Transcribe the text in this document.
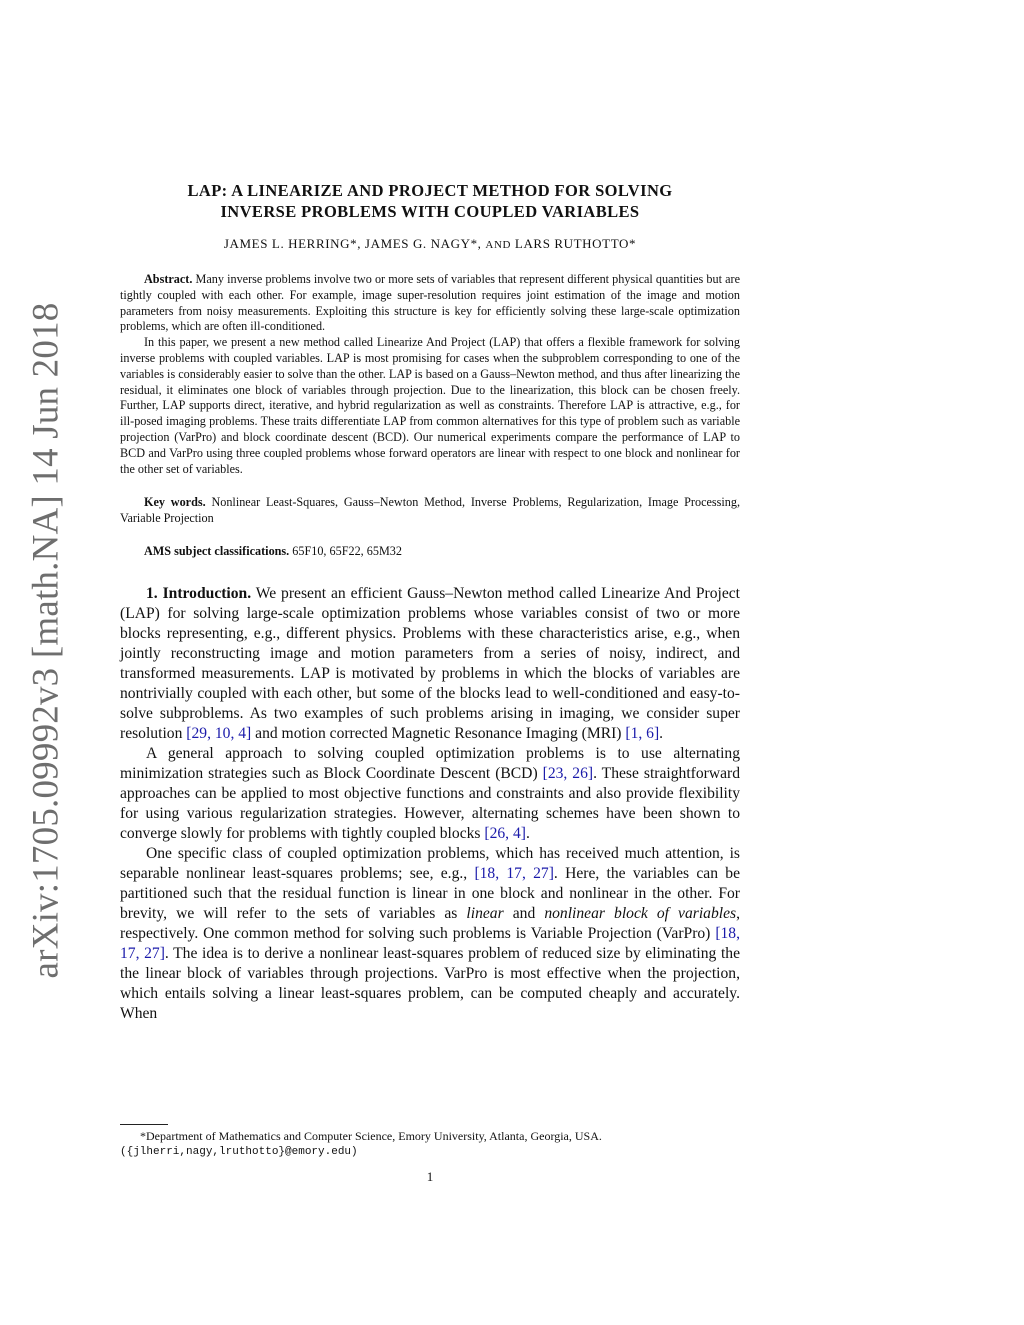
arXiv:1705.09992v3 [math.NA] 14 Jun 2018
LAP: A LINEARIZE AND PROJECT METHOD FOR SOLVING
INVERSE PROBLEMS WITH COUPLED VARIABLES
JAMES L. HERRING*, JAMES G. NAGY*, AND LARS RUTHOTTO*

Abstract. Many inverse problems involve two or more sets of variables that represent different physical quantities but are tightly coupled with each other. For example, image super-resolution requires joint estimation of the image and motion parameters from noisy measurements. Exploiting this structure is key for efficiently solving these large-scale optimization problems, which are often ill-conditioned.

In this paper, we present a new method called Linearize And Project (LAP) that offers a flexible framework for solving inverse problems with coupled variables. LAP is most promising for cases when the subproblem corresponding to one of the variables is considerably easier to solve than the other. LAP is based on a Gauss–Newton method, and thus after linearizing the residual, it eliminates one block of variables through projection. Due to the linearization, this block can be chosen freely. Further, LAP supports direct, iterative, and hybrid regularization as well as constraints. Therefore LAP is attractive, e.g., for ill-posed imaging problems. These traits differentiate LAP from common alternatives for this type of problem such as variable projection (VarPro) and block coordinate descent (BCD). Our numerical experiments compare the performance of LAP to BCD and VarPro using three coupled problems whose forward operators are linear with respect to one block and nonlinear for the other set of variables.

Key words. Nonlinear Least-Squares, Gauss–Newton Method, Inverse Problems, Regularization, Image Processing, Variable Projection
AMS subject classifications. 65F10, 65F22, 65M32

1. Introduction. We present an efficient Gauss–Newton method called Linearize And Project (LAP) for solving large-scale optimization problems whose variables consist of two or more blocks representing, e.g., different physics. Problems with these characteristics arise, e.g., when jointly reconstructing image and motion parameters from a series of noisy, indirect, and transformed measurements. LAP is motivated by problems in which the blocks of variables are nontrivially coupled with each other, but some of the blocks lead to well-conditioned and easy-to-solve subproblems. As two examples of such problems arising in imaging, we consider super resolution [29, 10, 4] and motion corrected Magnetic Resonance Imaging (MRI) [1, 6].

A general approach to solving coupled optimization problems is to use alternating minimization strategies such as Block Coordinate Descent (BCD) [23, 26]. These straightforward approaches can be applied to most objective functions and constraints and also provide flexibility for using various regularization strategies. However, alternating schemes have been shown to converge slowly for problems with tightly coupled blocks [26, 4].

One specific class of coupled optimization problems, which has received much attention, is separable nonlinear least-squares problems; see, e.g., [18, 17, 27]. Here, the variables can be partitioned such that the residual function is linear in one block and nonlinear in the other. For brevity, we will refer to the sets of variables as linear and nonlinear block of variables, respectively. One common method for solving such problems is Variable Projection (VarPro) [18, 17, 27]. The idea is to derive a nonlinear least-squares problem of reduced size by eliminating the the linear block of variables through projections. VarPro is most effective when the projection, which entails solving a linear least-squares problem, can be computed cheaply and accurately. When

*Department of Mathematics and Computer Science, Emory University, Atlanta, Georgia, USA.

({jlherri,nagy,lruthotto}@emory.edu)

1
